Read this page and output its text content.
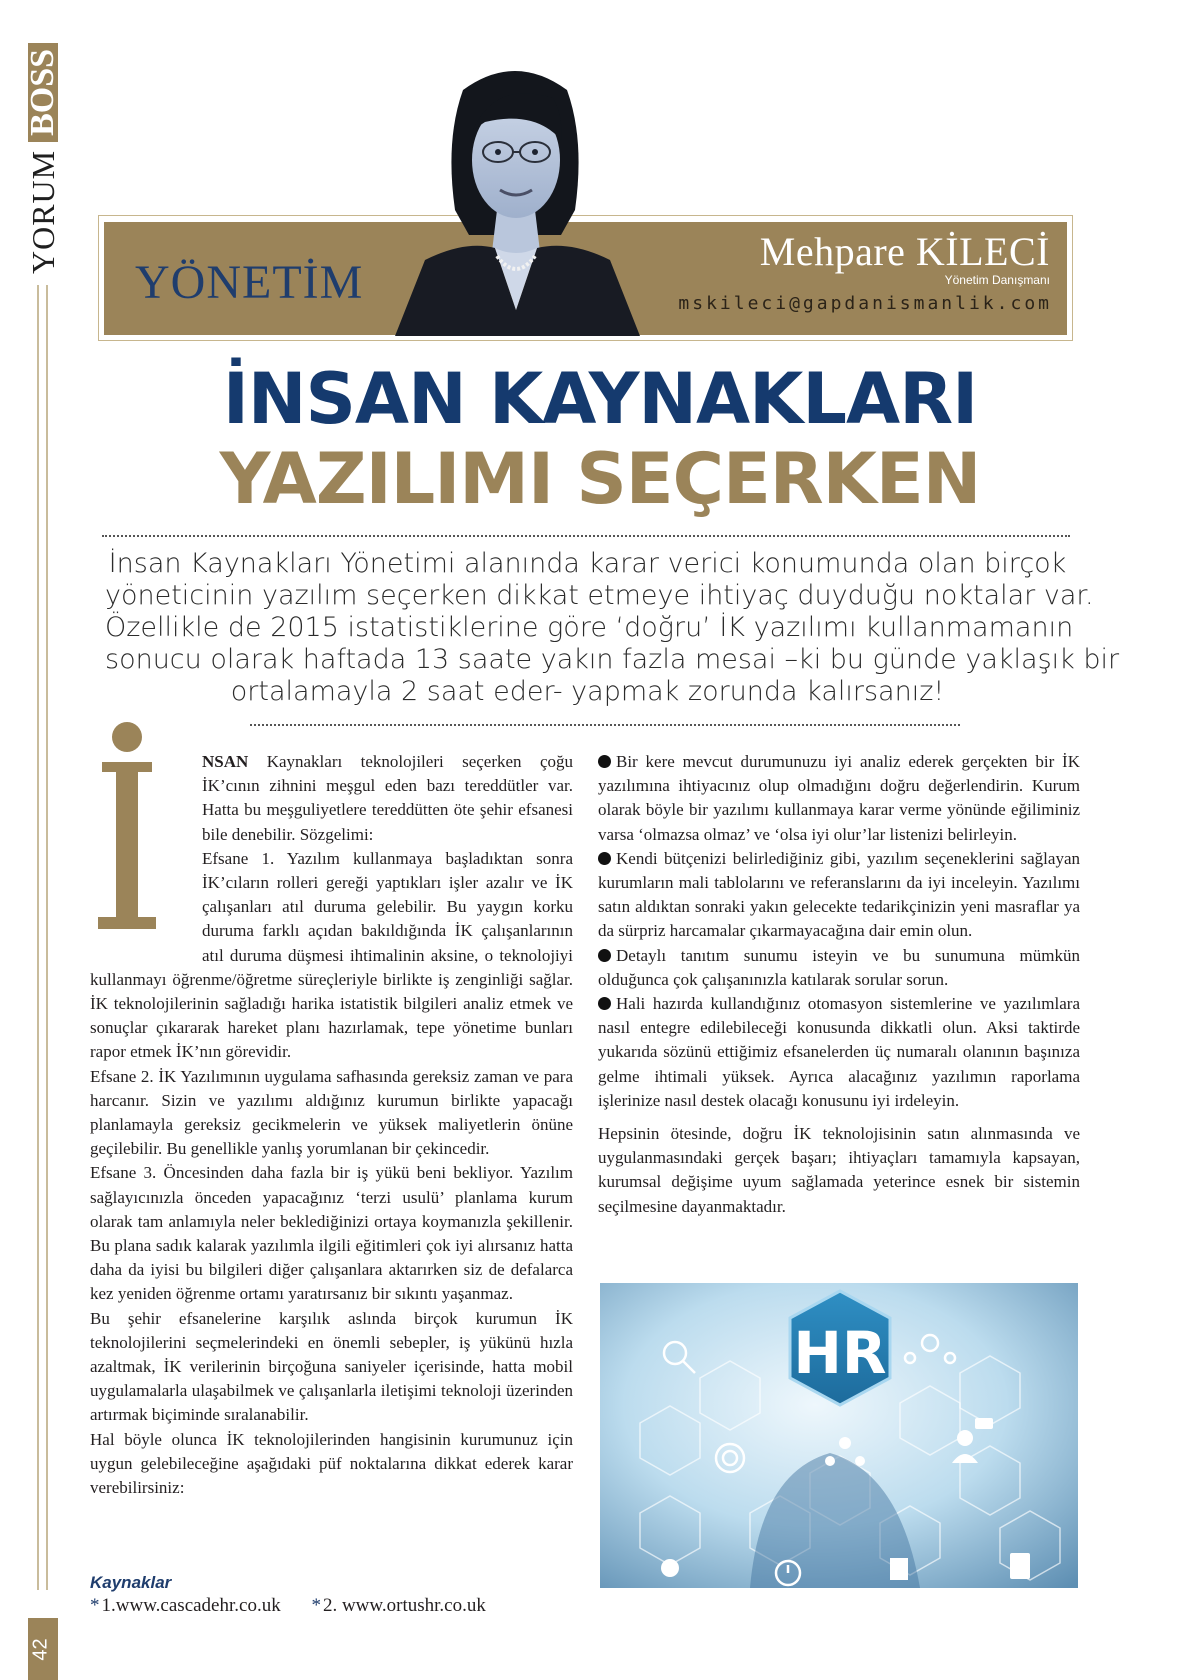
YORUM
BOSS
42
YÖNETİM
Mehpare KİLECİ
Yönetim Danışmanı
mskileci@gapdanismanlik.com
İNSAN KAYNAKLARI
YAZILIMI SEÇERKEN

İnsan Kaynakları Yönetimi alanında karar verici konumunda olan birçok

yöneticinin yazılım seçerken dikkat etmeye ihtiyaç duyduğu noktalar var.

Özellikle de 2015 istatistiklerine göre ‘doğru’ İK yazılımı kullanmamanın

sonucu olarak haftada 13 saate yakın fazla mesai –ki bu günde yaklaşık bir

ortalamayla 2 saat eder- yapmak zorunda kalırsanız!

NSAN Kaynakları teknolojileri seçerken çoğu İK’cının zihnini meşgul eden bazı tereddütler var. Hatta bu meşguliyetlere tereddütten öte şehir efsanesi bile denebilir. Sözgelimi:

Efsane 1. Yazılım kullanmaya başladıktan sonra İK’cıların rolleri gereği yaptıkları işler azalır ve İK çalışanları atıl duruma gelebilir. Bu yaygın korku duruma farklı açıdan bakıldığında İK çalışanlarının atıl duruma düşmesi ihtimalinin aksine, o teknolojiyi kullanmayı öğrenme/öğretme süreçleriyle birlikte iş zenginliği sağlar. İK teknolojilerinin sağladığı harika istatistik bilgileri analiz etmek ve sonuçlar çıkararak hareket planı hazırlamak, tepe yönetime bunları rapor etmek İK’nın görevidir.

Efsane 2. İK Yazılımının uygulama safhasında gereksiz zaman ve para harcanır. Sizin ve yazılımı aldığınız kurumun birlikte yapacağı planlamayla gereksiz gecikmelerin ve yüksek maliyetlerin önüne geçilebilir. Bu genellikle yanlış yorumlanan bir çekincedir.

Efsane 3. Öncesinden daha fazla bir iş yükü beni bekliyor. Yazılım sağlayıcınızla önceden yapacağınız ‘terzi usulü’ planlama kurum olarak tam anlamıyla neler beklediğinizi ortaya koymanızla şekillenir. Bu plana sadık kalarak yazılımla ilgili eğitimleri çok iyi alırsanız hatta daha da iyisi bu bilgileri diğer çalışanlara aktarırken siz de defalarca kez yeniden öğrenme ortamı yaratırsanız bir sıkıntı yaşanmaz.

Bu şehir efsanelerine karşılık aslında birçok kurumun İK teknolojilerini seçmelerindeki en önemli sebepler, iş yükünü hızla azaltmak, İK verilerinin birçoğuna saniyeler içerisinde, hatta mobil uygulamalarla ulaşabilmek ve çalışanlarla iletişimi teknoloji üzerinden artırmak biçiminde sıralanabilir.

Hal böyle olunca İK teknolojilerinden hangisinin kurumunuz için uygun gelebileceğine aşağıdaki püf noktalarına dikkat ederek karar verebilirsiniz:

Bir kere mevcut durumunuzu iyi analiz ederek gerçekten bir İK yazılımına ihtiyacınız olup olmadığını doğru değerlendirin. Kurum olarak böyle bir yazılımı kullanmaya karar verme yönünde eğiliminiz varsa ‘olmazsa olmaz’ ve ‘olsa iyi olur’lar listenizi belirleyin.

Kendi bütçenizi belirlediğiniz gibi, yazılım seçeneklerini sağlayan kurumların mali tablolarını ve referanslarını da iyi inceleyin. Yazılımı satın aldıktan sonraki yakın gelecekte tedarikçinizin yeni masraflar ya da sürpriz harcamalar çıkarmayacağına dair emin olun.

Detaylı tanıtım sunumu isteyin ve bu sunumuna mümkün olduğunca çok çalışanınızla katılarak sorular sorun.

Hali hazırda kullandığınız otomasyon sistemlerine ve yazılımlara nasıl entegre edilebileceği konusunda dikkatli olun. Aksi taktirde yukarıda sözünü ettiğimiz efsanelerden üç numaralı olanının başınıza gelme ihtimali yüksek. Ayrıca alacağınız yazılımın raporlama işlerinize nasıl destek olacağı konusunu iyi irdeleyin.

Hepsinin ötesinde, doğru İK teknolojisinin satın alınmasında ve uygulanmasındaki gerçek başarı; ihtiyaçları tamamıyla kapsayan, kurumsal değişime uyum sağlamada yeterince esnek bir sistemin seçilmesine dayanmaktadır.

HR
Kaynaklar
* 1.www.cascadehr.co.uk * 2. www.ortushr.co.uk
